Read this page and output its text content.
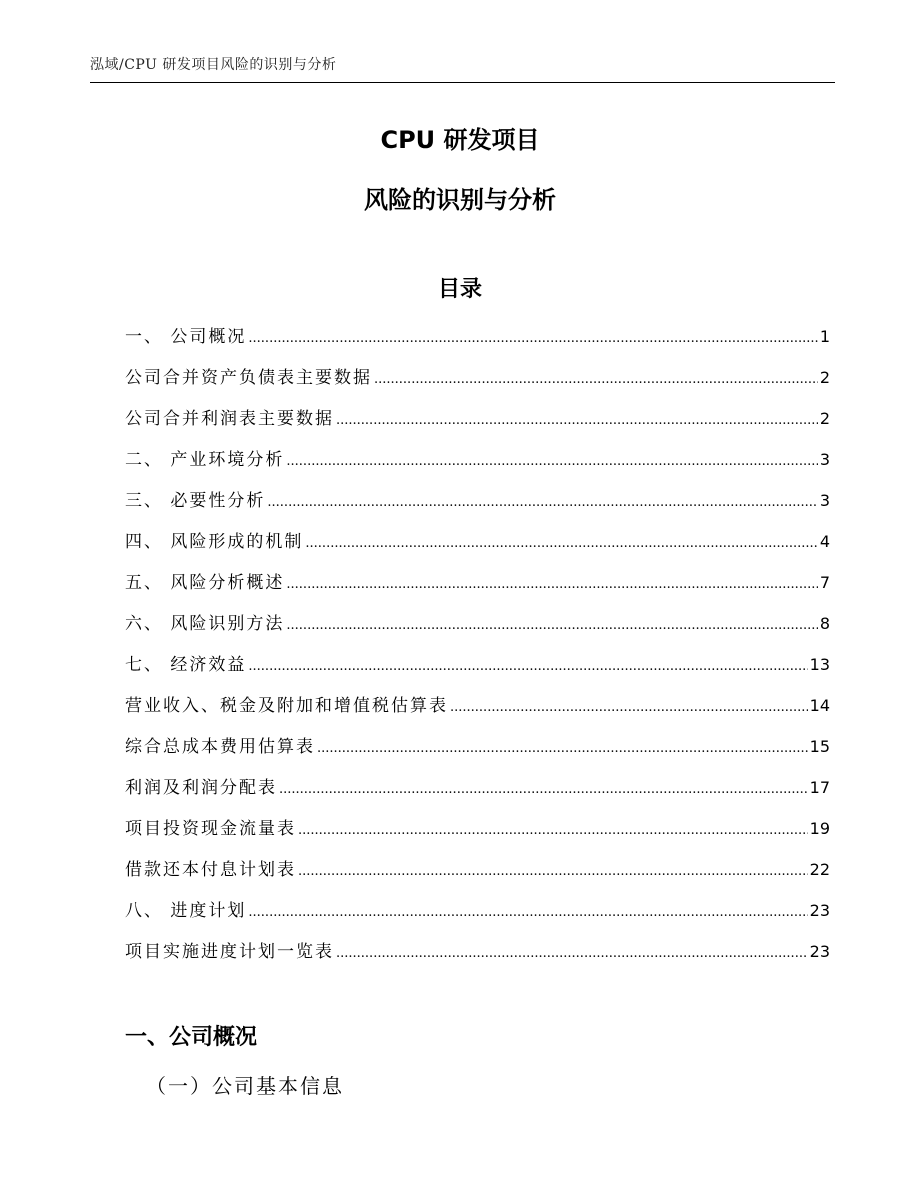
泓域/CPU 研发项目风险的识别与分析
CPU 研发项目
风险的识别与分析
目录
一、 公司概况 .....	1
公司合并资产负债表主要数据 .....	2
公司合并利润表主要数据 .....	2
二、 产业环境分析 .....	3
三、 必要性分析 .....	3
四、 风险形成的机制 .....	4
五、 风险分析概述 .....	7
六、 风险识别方法 .....	8
七、 经济效益 .....	13
营业收入、税金及附加和增值税估算表 .....	14
综合总成本费用估算表 .....	15
利润及利润分配表 .....	17
项目投资现金流量表 .....	19
借款还本付息计划表 .....	22
八、 进度计划 .....	23
项目实施进度计划一览表 .....	23
一、公司概况
（一）公司基本信息
